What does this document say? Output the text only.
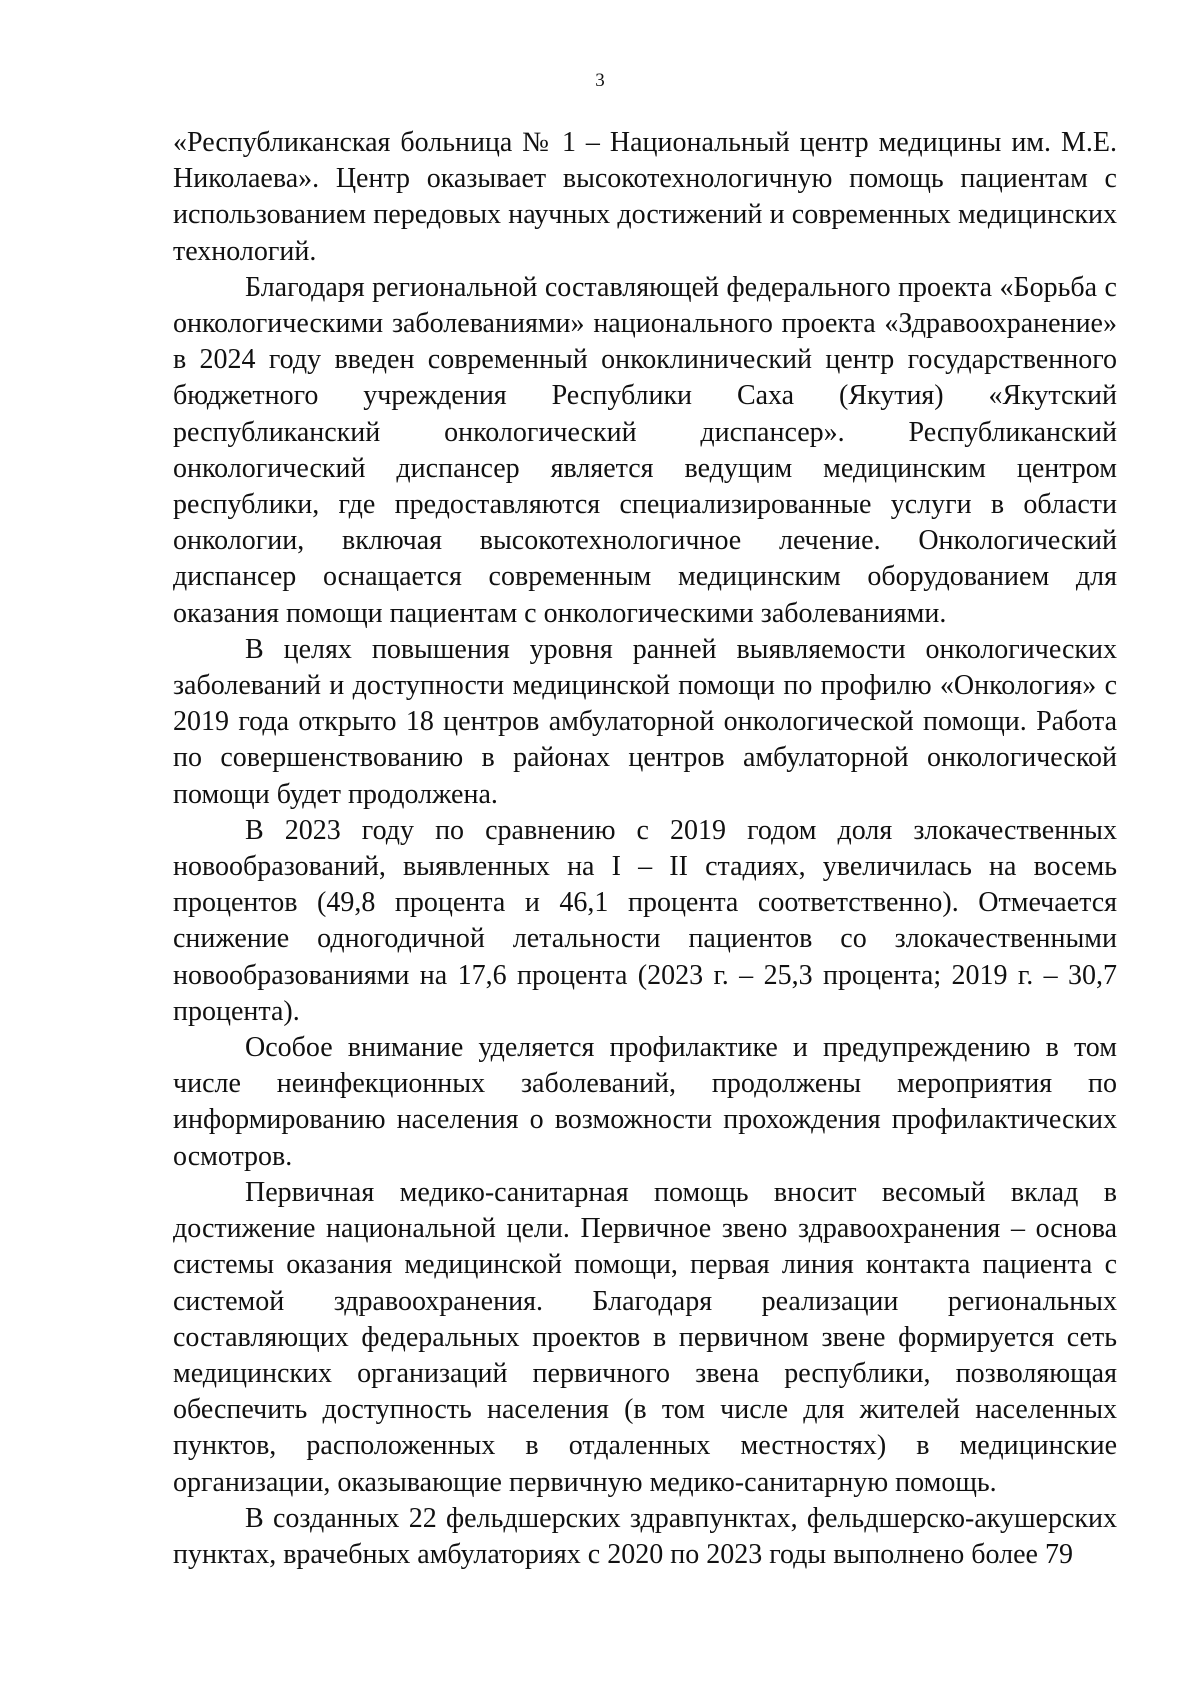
3

«Республиканская больница № 1 – Национальный центр медицины им. М.Е. Николаева». Центр оказывает высокотехнологичную помощь пациентам с использованием передовых научных достижений и современных медицинских технологий.

Благодаря региональной составляющей федерального проекта «Борьба с онкологическими заболеваниями» национального проекта «Здравоохранение» в 2024 году введен современный онкоклинический центр государственного бюджетного учреждения Республики Саха (Якутия) «Якутский республиканский онкологический диспансер». Республиканский онкологический диспансер является ведущим медицинским центром республики, где предоставляются специализированные услуги в области онкологии, включая высокотехнологичное лечение. Онкологический диспансер оснащается современным медицинским оборудованием для оказания помощи пациентам с онкологическими заболеваниями.

В целях повышения уровня ранней выявляемости онкологических заболеваний и доступности медицинской помощи по профилю «Онкология» с 2019 года открыто 18 центров амбулаторной онкологической помощи. Работа по совершенствованию в районах центров амбулаторной онкологической помощи будет продолжена.

В 2023 году по сравнению с 2019 годом доля злокачественных новообразований, выявленных на I – II стадиях, увеличилась на восемь процентов (49,8 процента и 46,1 процента соответственно). Отмечается снижение одногодичной летальности пациентов со злокачественными новообразованиями на 17,6 процента (2023 г. – 25,3 процента; 2019 г. – 30,7 процента).

Особое внимание уделяется профилактике и предупреждению в том числе неинфекционных заболеваний, продолжены мероприятия по информированию населения о возможности прохождения профилактических осмотров.

Первичная медико-санитарная помощь вносит весомый вклад в достижение национальной цели. Первичное звено здравоохранения – основа системы оказания медицинской помощи, первая линия контакта пациента с системой здравоохранения. Благодаря реализации региональных составляющих федеральных проектов в первичном звене формируется сеть медицинских организаций первичного звена республики, позволяющая обеспечить доступность населения (в том числе для жителей населенных пунктов, расположенных в отдаленных местностях) в медицинские организации, оказывающие первичную медико-санитарную помощь.

В созданных 22 фельдшерских здравпунктах, фельдшерско-акушерских пунктах, врачебных амбулаториях с 2020 по 2023 годы выполнено более 79
